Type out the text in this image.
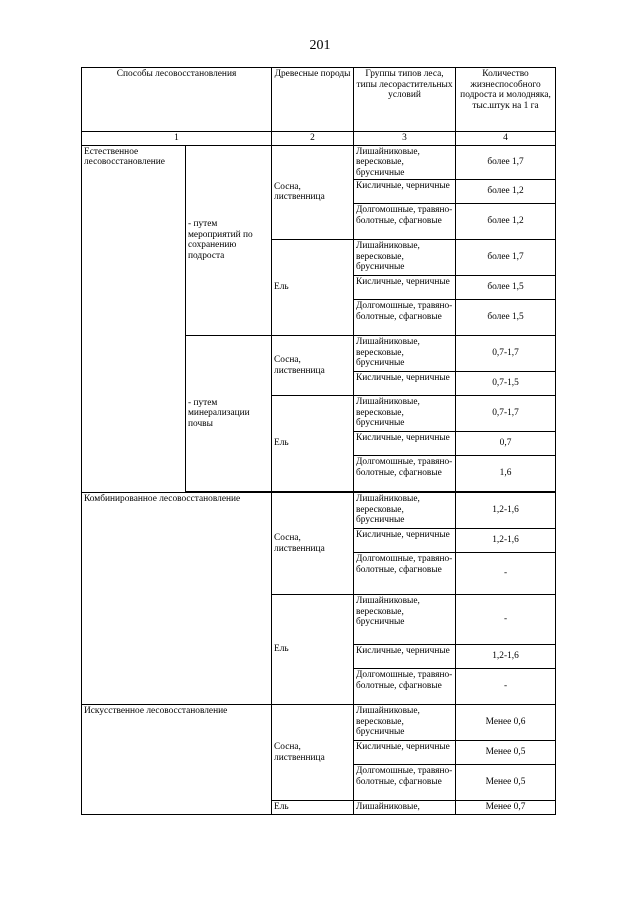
201
Способы лесовосстановления		Древесные породы	Группы типов леса, типы лесорастительных условий	Количество жизнеспособного подроста и молодняка, тыс.штук на 1 га
1		2	3	4
Естественное лесовосстановление	- путем мероприятий по сохранению подроста	Сосна, лиственница	Лишайниковые, вересковые, брусничные	более 1,7
			Кисличные, черничные	более 1,2
			Долгомошные, травяно-болотные, сфагновые	более 1,2
		Ель	Лишайниковые, вересковые, брусничные	более 1,7
			Кисличные, черничные	более 1,5
			Долгомошные, травяно-болотные, сфагновые	более 1,5
	- путем минерализации почвы	Сосна, лиственница	Лишайниковые, вересковые, брусничные	0,7-1,7
			Кисличные, черничные	0,7-1,5
		Ель	Лишайниковые, вересковые, брусничные	0,7-1,7
			Кисличные, черничные	0,7
			Долгомошные, травяно-болотные, сфагновые	1,6

Комбинированное лесовосстановление		Сосна, лиственница	Лишайниковые, вересковые, брусничные	1,2-1,6
			Кисличные, черничные	1,2-1,6
			Долгомошные, травяно-болотные, сфагновые	-
		Ель	Лишайниковые, вересковые, брусничные	-
			Кисличные, черничные	1,2-1,6
			Долгомошные, травяно-болотные, сфагновые	-
Искусственное лесовосстановление		Сосна, лиственница	Лишайниковые, вересковые, брусничные	Менее 0,6
			Кисличные, черничные	Менее 0,5
			Долгомошные, травяно-болотные, сфагновые	Менее 0,5
		Ель	Лишайниковые,	Менее 0,7
